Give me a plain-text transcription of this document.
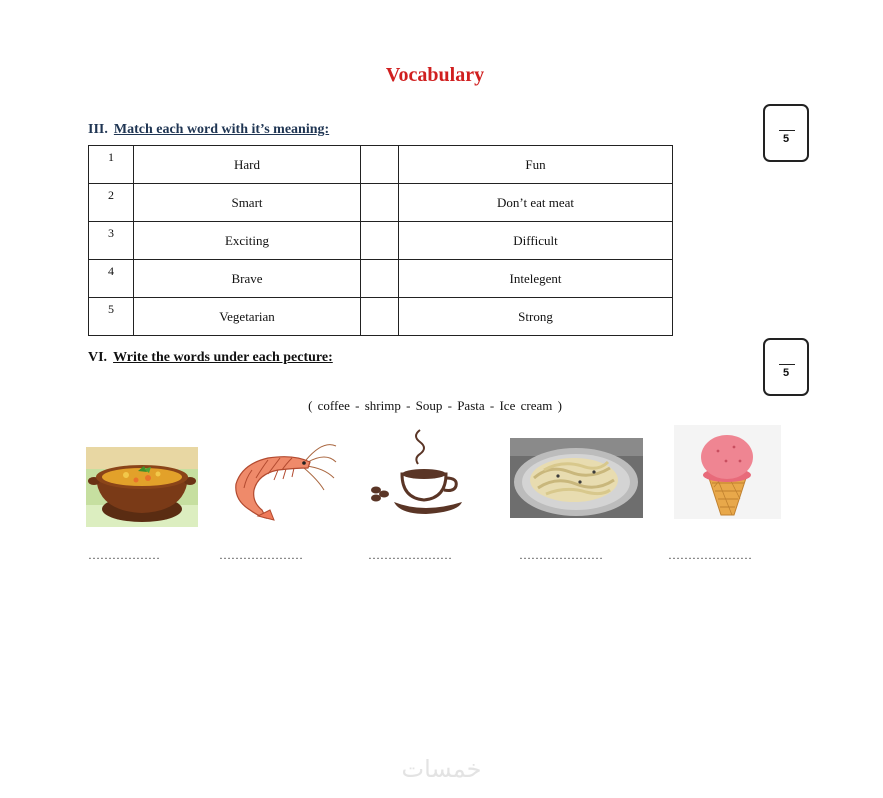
Vocabulary
III. Match each word with it’s meaning:
5
1	Hard		Fun
2	Smart		Don’t eat meat
3	Exciting		Difficult
4	Brave		Intelegent
5	Vegetarian		Strong
VI. Write the words under each pecture:
5
( coffee - shrimp - Soup - Pasta - Ice cream )
………………	…………………	…………………	…………………	…………………
خمسات
